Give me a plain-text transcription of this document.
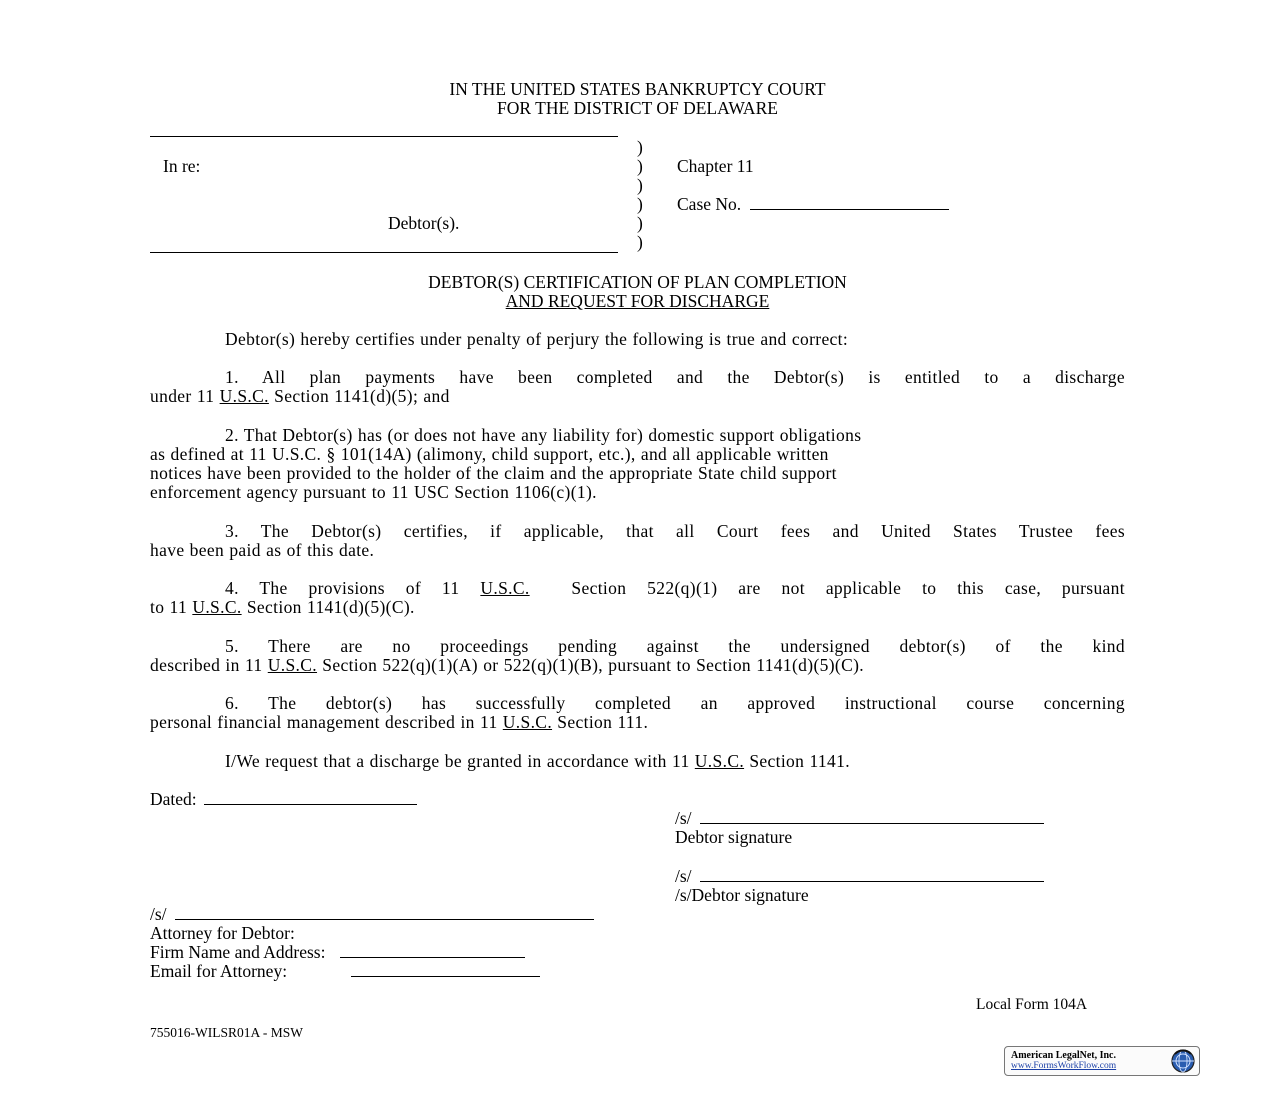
IN THE UNITED STATES BANKRUPTCY COURT
FOR THE DISTRICT OF DELAWARE
In re:
Debtor(s).
)
)
)
)
)
)
Chapter 11
Case No.
DEBTOR(S) CERTIFICATION OF PLAN COMPLETION
AND REQUEST FOR DISCHARGE
Debtor(s) hereby certifies under penalty of perjury the following is true and correct:
1. All plan payments have been completed and the Debtor(s) is entitled to a discharge
under 11 U.S.C. Section 1141(d)(5); and
2. That Debtor(s) has (or does not have any liability for) domestic support obligations
as defined at 11 U.S.C. § 101(14A) (alimony, child support, etc.), and all applicable written
notices have been provided to the holder of the claim and the appropriate State child support
enforcement agency pursuant to 11 USC Section 1106(c)(1).
3. The Debtor(s) certifies, if applicable, that all Court fees and United States Trustee fees
have been paid as of this date.
4. The provisions of 11 U.S.C. Section 522(q)(1) are not applicable to this case, pursuant
to 11 U.S.C. Section 1141(d)(5)(C).
5. There are no proceedings pending against the undersigned debtor(s) of the kind
described in 11 U.S.C. Section 522(q)(1)(A) or 522(q)(1)(B), pursuant to Section 1141(d)(5)(C).
6. The debtor(s) has successfully completed an approved instructional course concerning
personal financial management described in 11 U.S.C. Section 111.
I/We request that a discharge be granted in accordance with 11 U.S.C. Section 1141.
Dated:
/s/
Debtor signature
/s/
/s/Debtor signature
/s/
Attorney for Debtor:
Firm Name and Address:
Email for Attorney:
Local Form 104A
755016-WILSR01A - MSW
American LegalNet, Inc.
www.FormsWorkFlow.com
